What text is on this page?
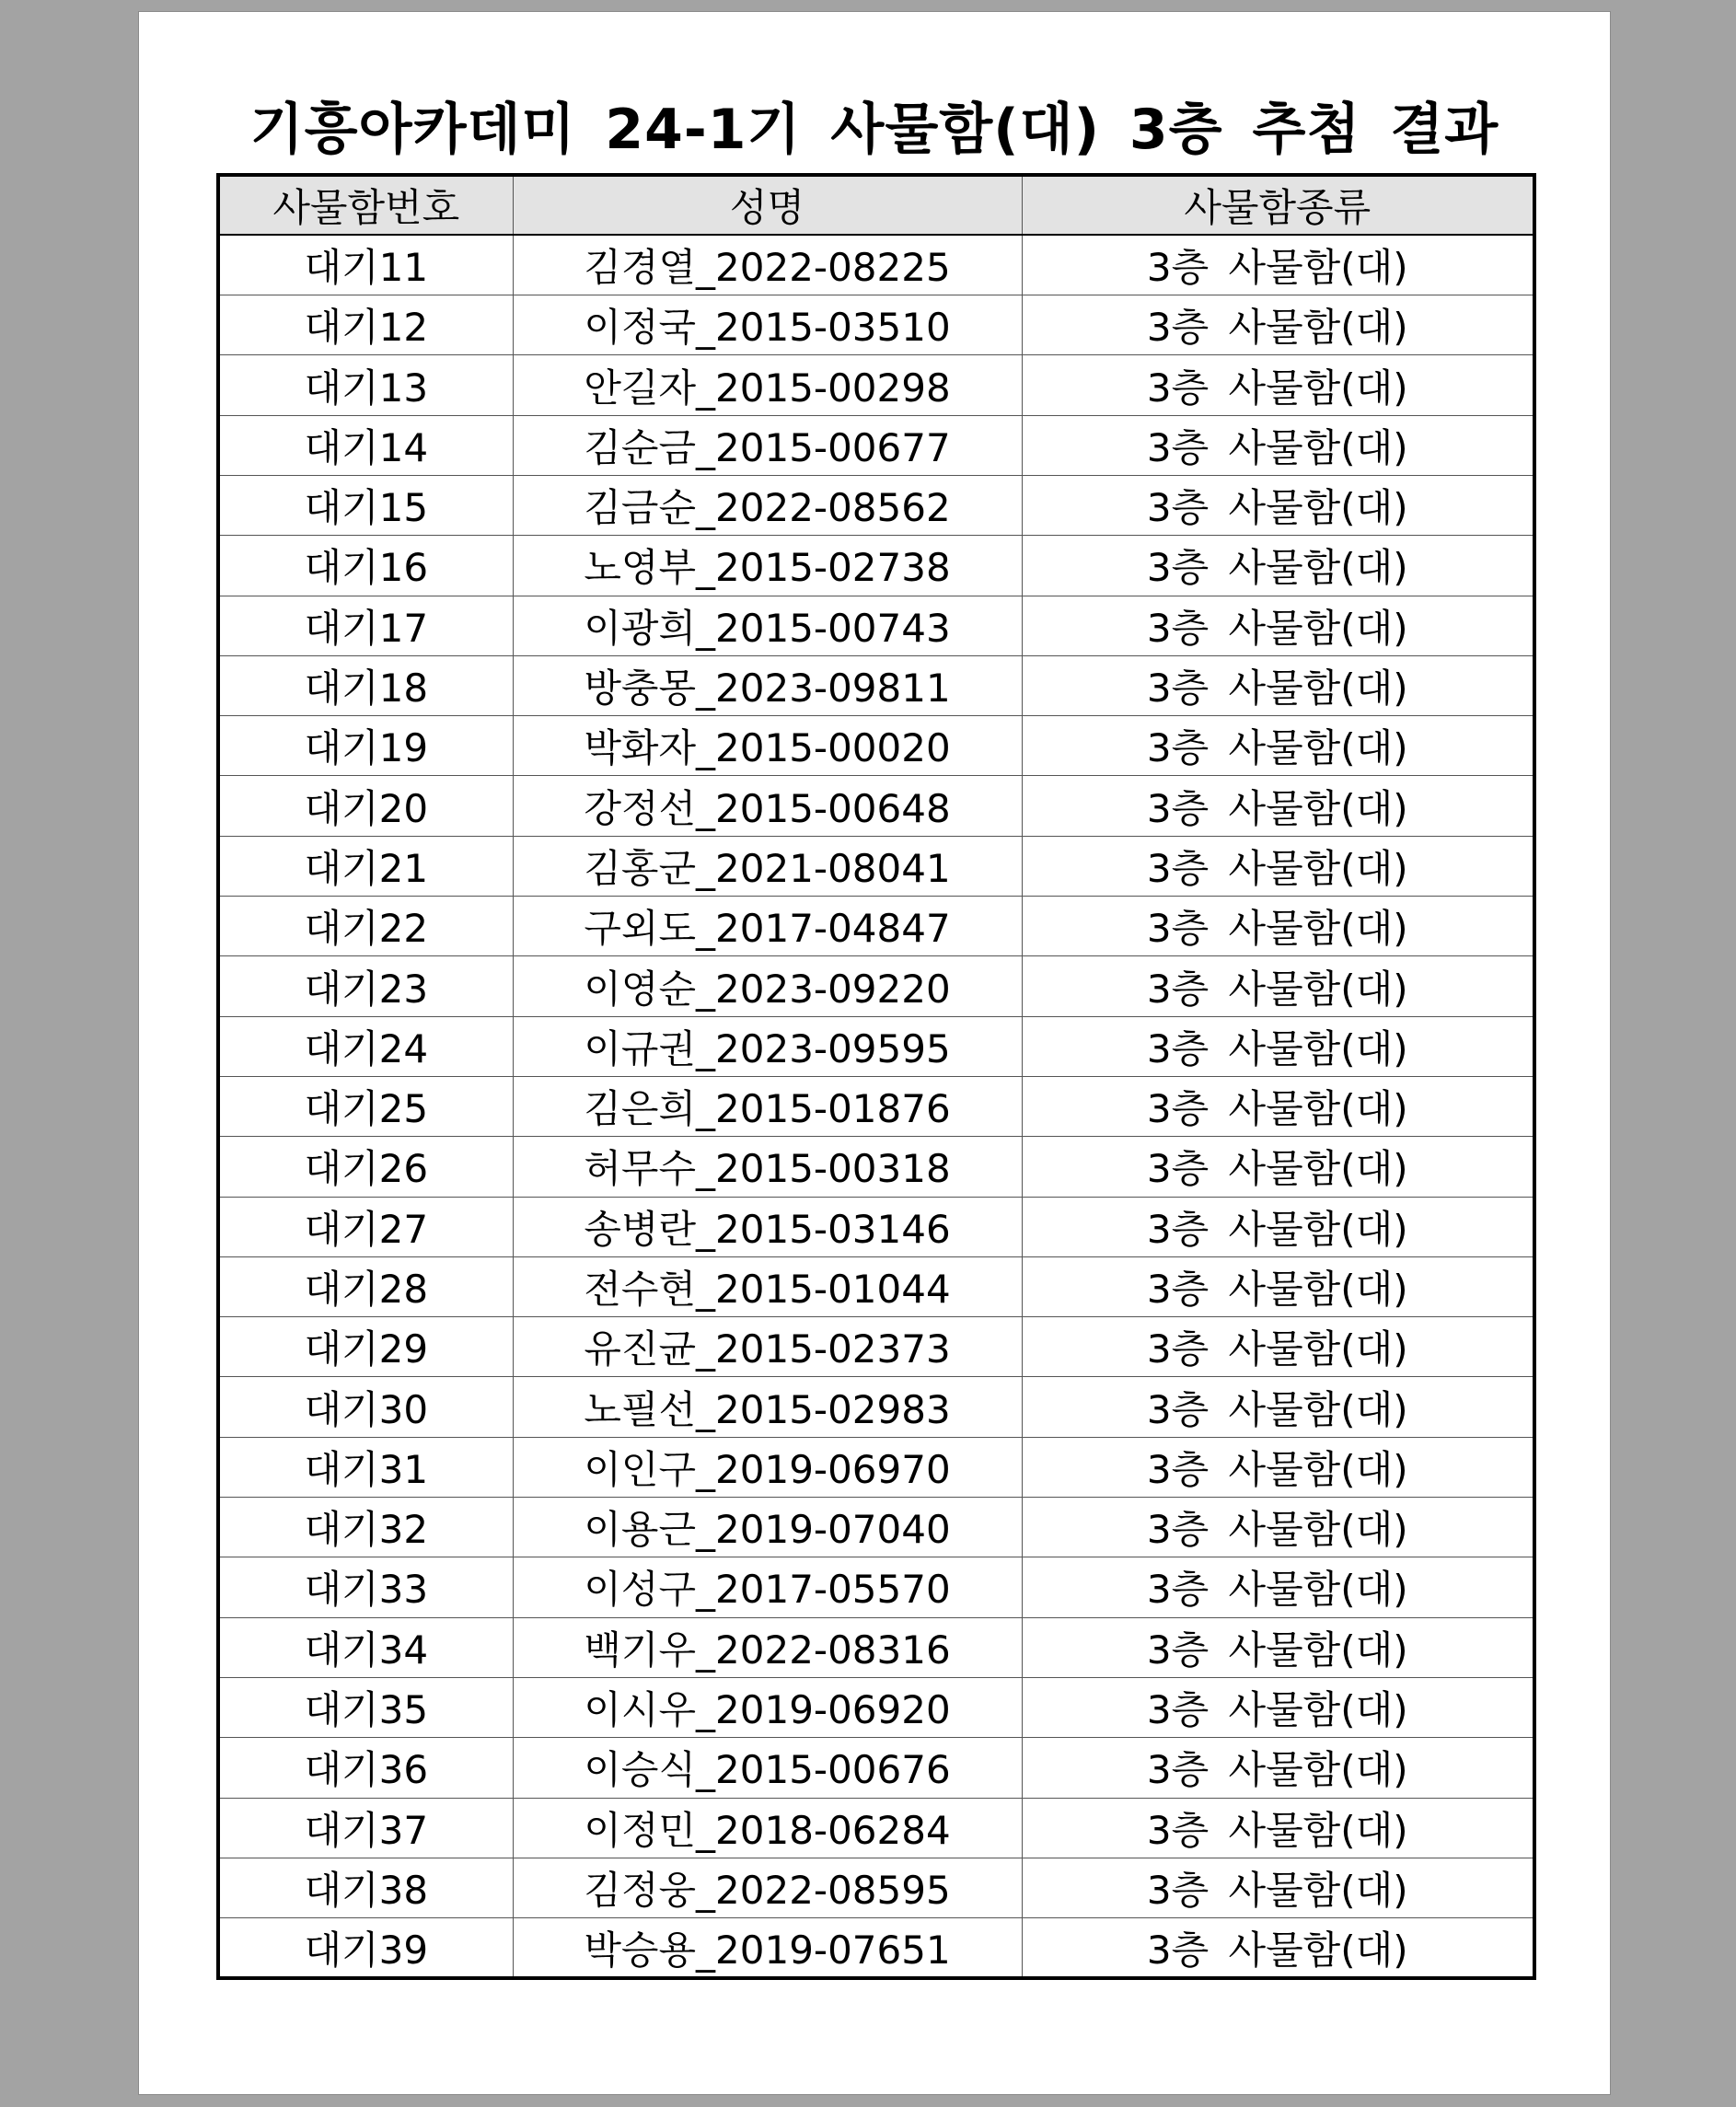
기흥아카데미 24-1기 사물함(대) 3층 추첨 결과
사물함번호	성명	사물함종류
대기11	김경열_2022-08225	3층 사물함(대)
대기12	이정국_2015-03510	3층 사물함(대)
대기13	안길자_2015-00298	3층 사물함(대)
대기14	김순금_2015-00677	3층 사물함(대)
대기15	김금순_2022-08562	3층 사물함(대)
대기16	노영부_2015-02738	3층 사물함(대)
대기17	이광희_2015-00743	3층 사물함(대)
대기18	방충몽_2023-09811	3층 사물함(대)
대기19	박화자_2015-00020	3층 사물함(대)
대기20	강정선_2015-00648	3층 사물함(대)
대기21	김홍군_2021-08041	3층 사물함(대)
대기22	구외도_2017-04847	3층 사물함(대)
대기23	이영순_2023-09220	3층 사물함(대)
대기24	이규권_2023-09595	3층 사물함(대)
대기25	김은희_2015-01876	3층 사물함(대)
대기26	허무수_2015-00318	3층 사물함(대)
대기27	송병란_2015-03146	3층 사물함(대)
대기28	전수현_2015-01044	3층 사물함(대)
대기29	유진균_2015-02373	3층 사물함(대)
대기30	노필선_2015-02983	3층 사물함(대)
대기31	이인구_2019-06970	3층 사물함(대)
대기32	이용근_2019-07040	3층 사물함(대)
대기33	이성구_2017-05570	3층 사물함(대)
대기34	백기우_2022-08316	3층 사물함(대)
대기35	이시우_2019-06920	3층 사물함(대)
대기36	이승식_2015-00676	3층 사물함(대)
대기37	이정민_2018-06284	3층 사물함(대)
대기38	김정웅_2022-08595	3층 사물함(대)
대기39	박승용_2019-07651	3층 사물함(대)
